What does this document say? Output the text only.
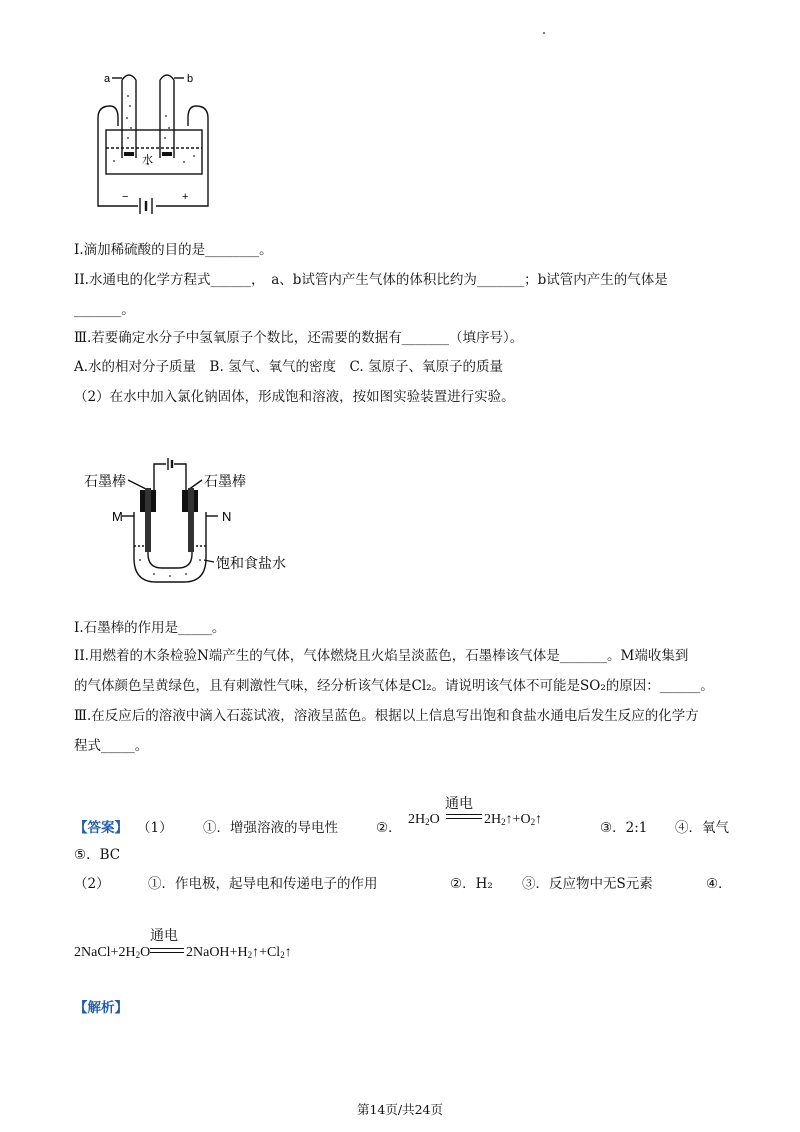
a	b
水
−	+
Ⅰ.滴加稀硫酸的目的是________。
II.水通电的化学方程式______，　a、b试管内产生气体的体积比约为_______；b试管内产生的气体是
_______。
Ⅲ.若要确定水分子中氢氧原子个数比，还需要的数据有_______（填序号）。
A.水的相对分子质量　B. 氢气、氧气的密度　C. 氢原子、氧原子的质量
（2）在水中加入氯化钠固体，形成饱和溶液，按如图实验装置进行实验。
石墨棒	石墨棒
M	N
饱和食盐水
I.石墨棒的作用是_____。
II.用燃着的木条检验N端产生的气体，气体燃烧且火焰呈淡蓝色，石墨棒该气体是_______。M端收集到
的气体颜色呈黄绿色，且有刺激性气味，经分析该气体是Cl₂。请说明该气体不可能是SO₂的原因：______。
Ⅲ.在反应后的溶液中滴入石蕊试液，溶液呈蓝色。根据以上信息写出饱和食盐水通电后发生反应的化学方
程式_____。
【答案】 （1） ①．增强溶液的导电性	②．
$2H_2O$
通电
$2H_2↑+O_2↑$
③．2:1 ④．氧气
⑤．BC
（2）	①．作电极，起导电和传递电子的作用	②．H₂ ③．反应物中无S元素	④．
$2NaCl+2H_2O$
通电
$2NaOH+H_2↑+Cl_2↑$
【解析】
第14页/共24页
